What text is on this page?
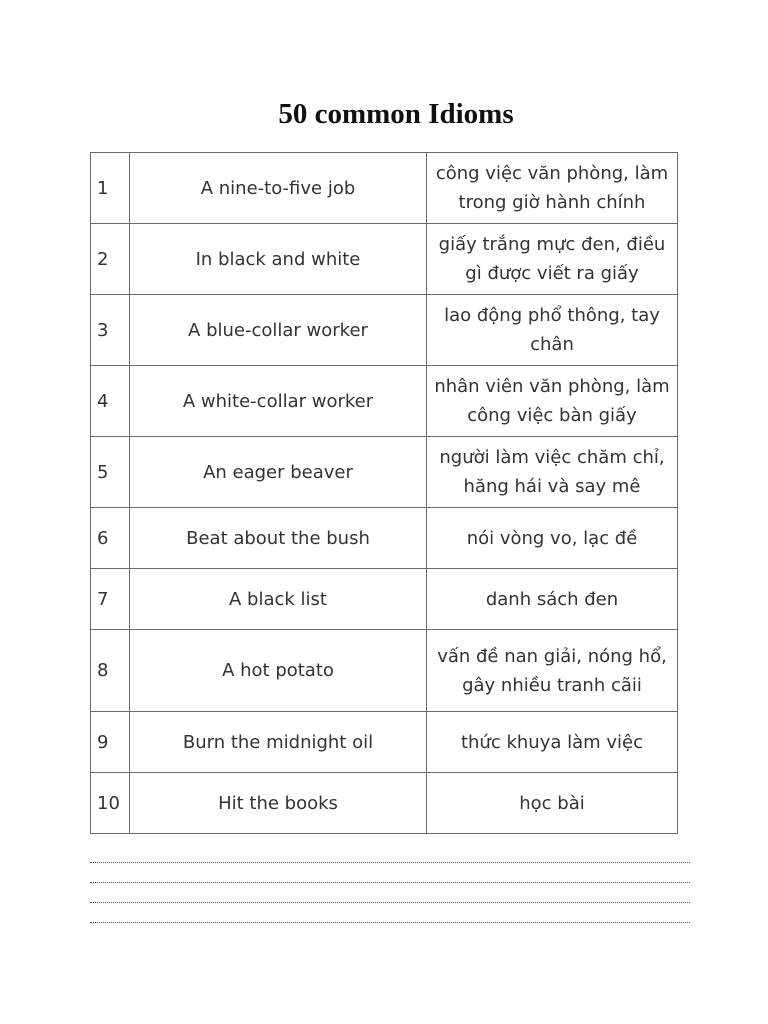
50 common Idioms
1	A nine-to-five job	công việc văn phòng, làm trong giờ hành chính
2	In black and white	giấy trắng mực đen, điều gì được viết ra giấy
3	A blue-collar worker	lao động phổ thông, tay chân
4	A white-collar worker	nhân viên văn phòng, làm công việc bàn giấy
5	An eager beaver	người làm việc chăm chỉ, hăng hái và say mê
6	Beat about the bush	nói vòng vo, lạc đề
7	A black list	danh sách đen
8	A hot potato	vấn đề nan giải, nóng hổ, gây nhiều tranh cãii
9	Burn the midnight oil	thức khuya làm việc
10	Hit the books	học bài
